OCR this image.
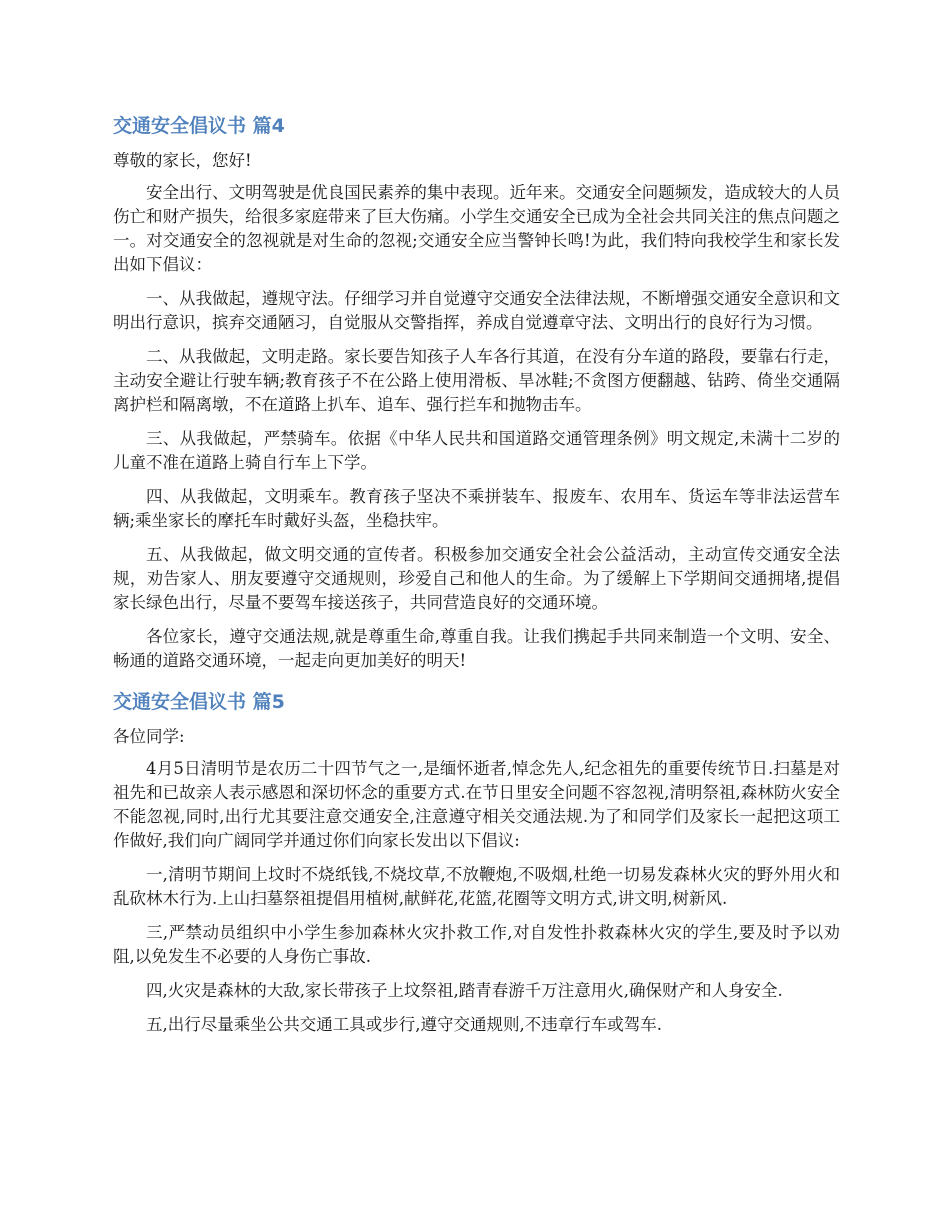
交通安全倡议书 篇4

尊敬的家长，您好!

安全出行、文明驾驶是优良国民素养的集中表现。近年来。交通安全问题频发，造成较大的人员伤亡和财产损失，给很多家庭带来了巨大伤痛。小学生交通安全已成为全社会共同关注的焦点问题之一。对交通安全的忽视就是对生命的忽视;交通安全应当警钟长鸣!为此，我们特向我校学生和家长发出如下倡议：

一、从我做起，遵规守法。仔细学习并自觉遵守交通安全法律法规，不断增强交通安全意识和文明出行意识，摈弃交通陋习，自觉服从交警指挥，养成自觉遵章守法、文明出行的良好行为习惯。

二、从我做起，文明走路。家长要告知孩子人车各行其道，在没有分车道的路段，要靠右行走，主动安全避让行驶车辆;教育孩子不在公路上使用滑板、旱冰鞋;不贪图方便翻越、钻跨、倚坐交通隔离护栏和隔离墩，不在道路上扒车、追车、强行拦车和抛物击车。

三、从我做起，严禁骑车。依据《中华人民共和国道路交通管理条例》明文规定,未满十二岁的儿童不准在道路上骑自行车上下学。

四、从我做起，文明乘车。教育孩子坚决不乘拼装车、报废车、农用车、货运车等非法运营车辆;乘坐家长的摩托车时戴好头盔，坐稳扶牢。

五、从我做起，做文明交通的宣传者。积极参加交通安全社会公益活动，主动宣传交通安全法规，劝告家人、朋友要遵守交通规则，珍爱自己和他人的生命。为了缓解上下学期间交通拥堵,提倡家长绿色出行，尽量不要驾车接送孩子，共同营造良好的交通环境。

各位家长，遵守交通法规,就是尊重生命,尊重自我。让我们携起手共同来制造一个文明、安全、畅通的道路交通环境，一起走向更加美好的明天!

交通安全倡议书 篇5

各位同学:

4月5日清明节是农历二十四节气之一,是缅怀逝者,悼念先人,纪念祖先的重要传统节日.扫墓是对祖先和已故亲人表示感恩和深切怀念的重要方式.在节日里安全问题不容忽视,清明祭祖,森林防火安全不能忽视,同时,出行尤其要注意交通安全,注意遵守相关交通法规.为了和同学们及家长一起把这项工作做好,我们向广阔同学并通过你们向家长发出以下倡议:

一,清明节期间上坟时不烧纸钱,不烧坟草,不放鞭炮,不吸烟,杜绝一切易发森林火灾的野外用火和乱砍林木行为.上山扫墓祭祖提倡用植树,献鲜花,花篮,花圈等文明方式,讲文明,树新风.

三,严禁动员组织中小学生参加森林火灾扑救工作,对自发性扑救森林火灾的学生,要及时予以劝阻,以免发生不必要的人身伤亡事故.

四,火灾是森林的大敌,家长带孩子上坟祭祖,踏青春游千万注意用火,确保财产和人身安全.

五,出行尽量乘坐公共交通工具或步行,遵守交通规则,不违章行车或驾车.
